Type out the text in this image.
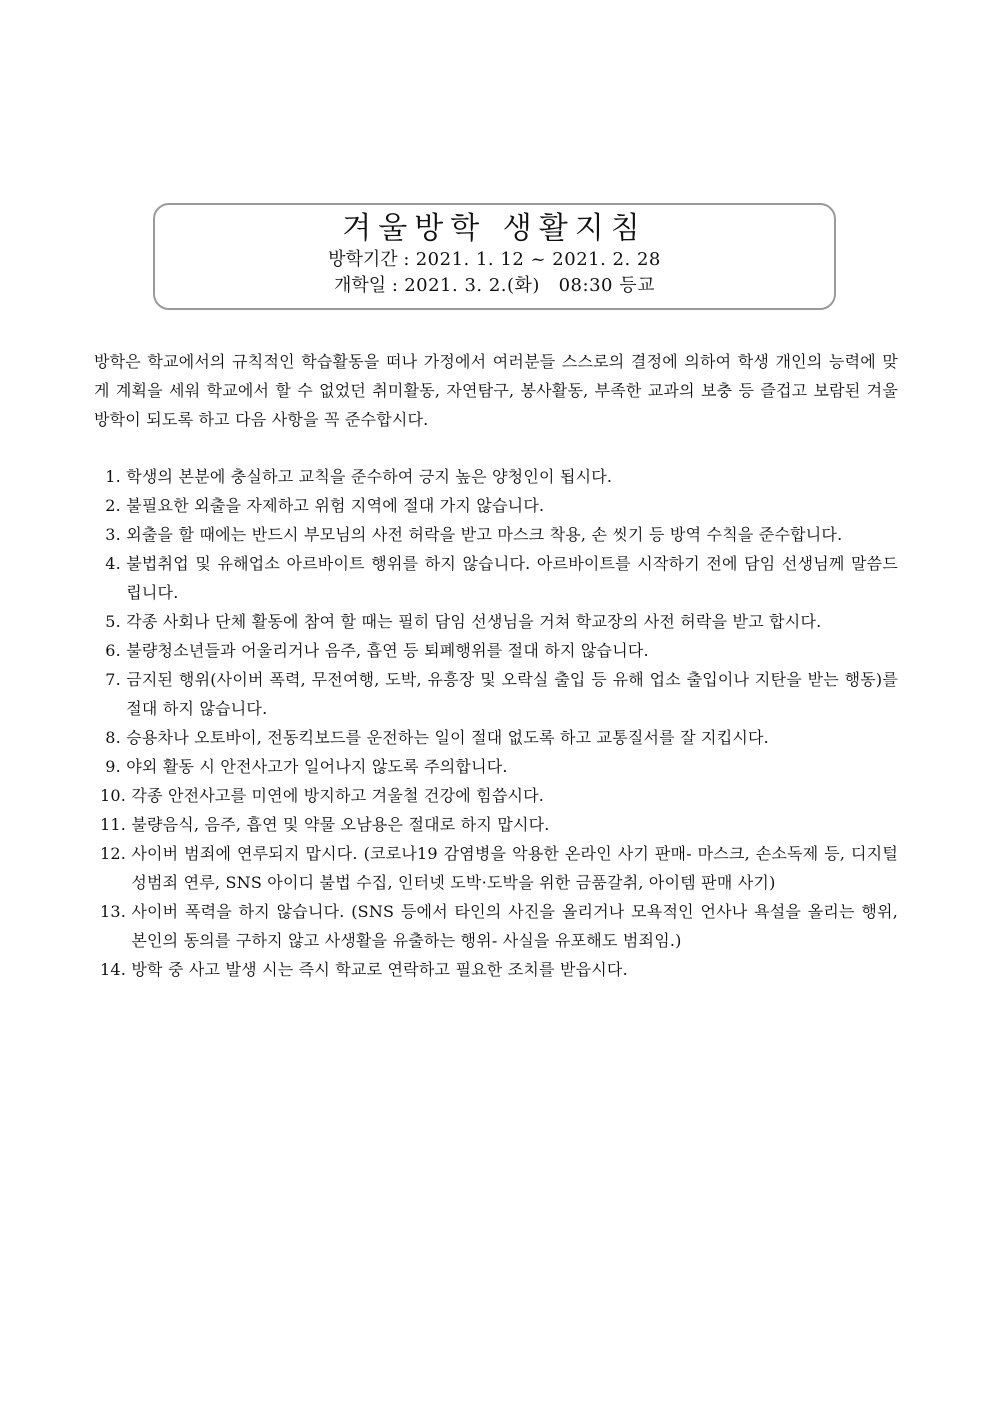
겨울방학 생활지침
방학기간 : 2021. 1. 12 ~ 2021. 2. 28
개학일 : 2021. 3. 2.(화)   08:30 등교
방학은 학교에서의 규칙적인 학습활동을 떠나 가정에서 여러분들 스스로의 결정에 의하여 학생 개인의 능력에 맞게 계획을 세워 학교에서 할 수 없었던 취미활동, 자연탐구, 봉사활동, 부족한 교과의 보충 등 즐겁고 보람된 겨울방학이 되도록 하고 다음 사항을 꼭 준수합시다.
1.
학생의 본분에 충실하고 교칙을 준수하여 긍지 높은 양청인이 됩시다.
2.
불필요한 외출을 자제하고 위험 지역에 절대 가지 않습니다.
3.
외출을 할 때에는 반드시 부모님의 사전 허락을 받고 마스크 착용, 손 씻기 등 방역 수칙을 준수합니다.
4.
불법취업 및 유해업소 아르바이트 행위를 하지 않습니다. 아르바이트를 시작하기 전에 담임 선생님께 말씀드립니다.
5.
각종 사회나 단체 활동에 참여 할 때는 필히 담임 선생님을 거쳐 학교장의 사전 허락을 받고 합시다.
6.
불량청소년들과 어울리거나 음주, 흡연 등 퇴폐행위를 절대 하지 않습니다.
7.
금지된 행위(사이버 폭력, 무전여행, 도박, 유흥장 및 오락실 출입 등 유해 업소 출입이나 지탄을 받는 행동)를 절대 하지 않습니다.
8.
승용차나 오토바이, 전동킥보드를 운전하는 일이 절대 없도록 하고 교통질서를 잘 지킵시다.
9.
야외 활동 시 안전사고가 일어나지 않도록 주의합니다.
10.
각종 안전사고를 미연에 방지하고 겨울철 건강에 힘씁시다.
11.
불량음식, 음주, 흡연 및 약물 오남용은 절대로 하지 맙시다.
12.
사이버 범죄에 연루되지 맙시다. (코로나19 감염병을 악용한 온라인 사기 판매- 마스크, 손소독제 등, 디지털 성범죄 연루, SNS 아이디 불법 수집, 인터넷 도박·도박을 위한 금품갈취, 아이템 판매 사기)
13.
사이버 폭력을 하지 않습니다. (SNS 등에서 타인의 사진을 올리거나 모욕적인 언사나 욕설을 올리는 행위, 본인의 동의를 구하지 않고 사생활을 유출하는 행위- 사실을 유포해도 범죄임.)
14.
방학 중 사고 발생 시는 즉시 학교로 연락하고 필요한 조치를 받읍시다.
